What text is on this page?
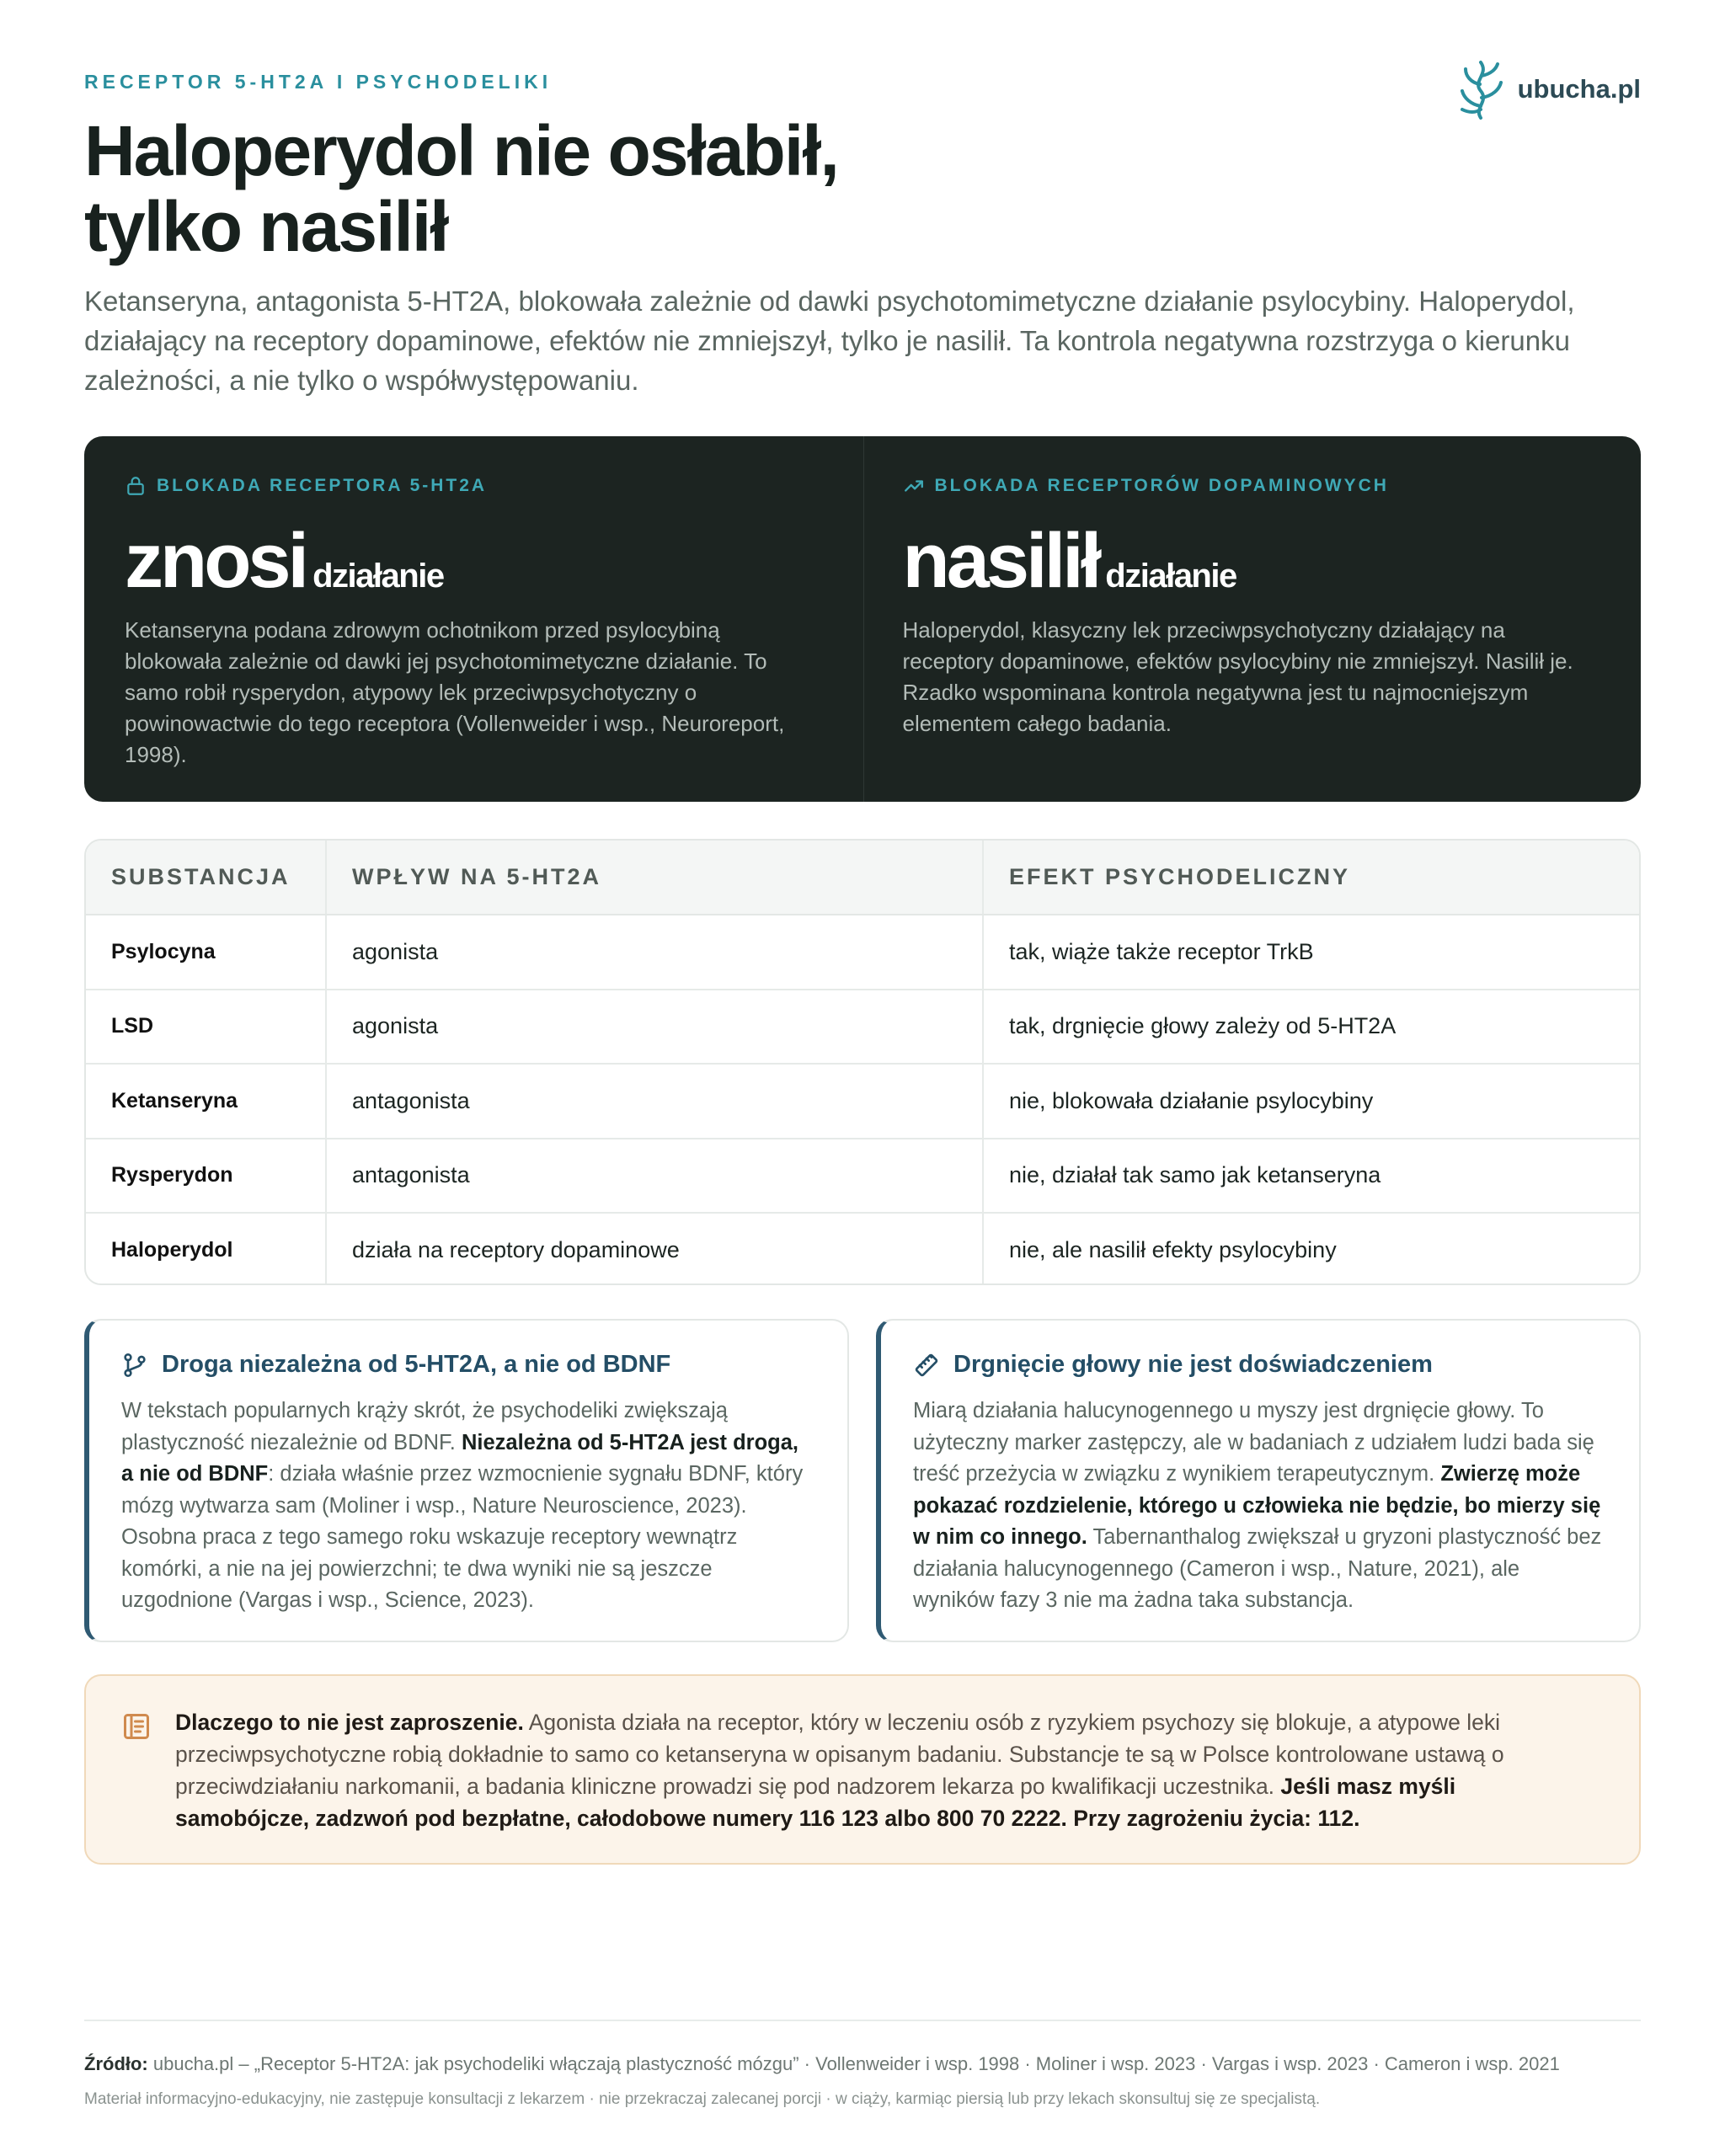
RECEPTOR 5-HT2A I PSYCHODELIKI	ubucha.pl
Haloperydol nie osłabił,
tylko nasilił

Ketanseryna, antagonista 5-HT2A, blokowała zależnie od dawki psychotomimetyczne działanie psylocybiny. Haloperydol, działający na receptory dopaminowe, efektów nie zmniejszył, tylko je nasilił. Ta kontrola negatywna rozstrzyga o kierunku zależności, a nie tylko o współwystępowaniu.

BLOKADA RECEPTORA 5-HT2A
znosi działanie

Ketanseryna podana zdrowym ochotnikom przed psylocybiną blokowała zależnie od dawki jej psychotomimetyczne działanie. To samo robił rysperydon, atypowy lek przeciwpsychotyczny o powinowactwie do tego receptora (Vollenweider i wsp., Neuroreport, 1998).

BLOKADA RECEPTORÓW DOPAMINOWYCH
nasilił działanie

Haloperydol, klasyczny lek przeciwpsychotyczny działający na receptory dopaminowe, efektów psylocybiny nie zmniejszył. Nasilił je. Rzadko wspominana kontrola negatywna jest tu najmocniejszym elementem całego badania.

SUBSTANCJA	WPŁYW NA 5-HT2A	EFEKT PSYCHODELICZNY
Psylocyna	agonista	tak, wiąże także receptor TrkB
LSD	agonista	tak, drgnięcie głowy zależy od 5-HT2A
Ketanseryna	antagonista	nie, blokowała działanie psylocybiny
Rysperydon	antagonista	nie, działał tak samo jak ketanseryna
Haloperydol	działa na receptory dopaminowe	nie, ale nasilił efekty psylocybiny
Droga niezależna od 5-HT2A, a nie od BDNF

W tekstach popularnych krąży skrót, że psychodeliki zwiększają plastyczność niezależnie od BDNF. Niezależna od 5-HT2A jest droga, a nie od BDNF: działa właśnie przez wzmocnienie sygnału BDNF, który mózg wytwarza sam (Moliner i wsp., Nature Neuroscience, 2023). Osobna praca z tego samego roku wskazuje receptory wewnątrz komórki, a nie na jej powierzchni; te dwa wyniki nie są jeszcze uzgodnione (Vargas i wsp., Science, 2023).

Drgnięcie głowy nie jest doświadczeniem

Miarą działania halucynogennego u myszy jest drgnięcie głowy. To użyteczny marker zastępczy, ale w badaniach z udziałem ludzi bada się treść przeżycia w związku z wynikiem terapeutycznym. Zwierzę może pokazać rozdzielenie, którego u człowieka nie będzie, bo mierzy się w nim co innego. Tabernanthalog zwiększał u gryzoni plastyczność bez działania halucynogennego (Cameron i wsp., Nature, 2021), ale wyników fazy 3 nie ma żadna taka substancja.

Dlaczego to nie jest zaproszenie. Agonista działa na receptor, który w leczeniu osób z ryzykiem psychozy się blokuje, a atypowe leki przeciwpsychotyczne robią dokładnie to samo co ketanseryna w opisanym badaniu. Substancje te są w Polsce kontrolowane ustawą o przeciwdziałaniu narkomanii, a badania kliniczne prowadzi się pod nadzorem lekarza po kwalifikacji uczestnika. Jeśli masz myśli samobójcze, zadzwoń pod bezpłatne, całodobowe numery 116 123 albo 800 70 2222. Przy zagrożeniu życia: 112.

Źródło: ubucha.pl – „Receptor 5-HT2A: jak psychodeliki włączają plastyczność mózgu” · Vollenweider i wsp. 1998 · Moliner i wsp. 2023 · Vargas i wsp. 2023 · Cameron i wsp. 2021

Materiał informacyjno-edukacyjny, nie zastępuje konsultacji z lekarzem · nie przekraczaj zalecanej porcji · w ciąży, karmiąc piersią lub przy lekach skonsultuj się ze specjalistą.
